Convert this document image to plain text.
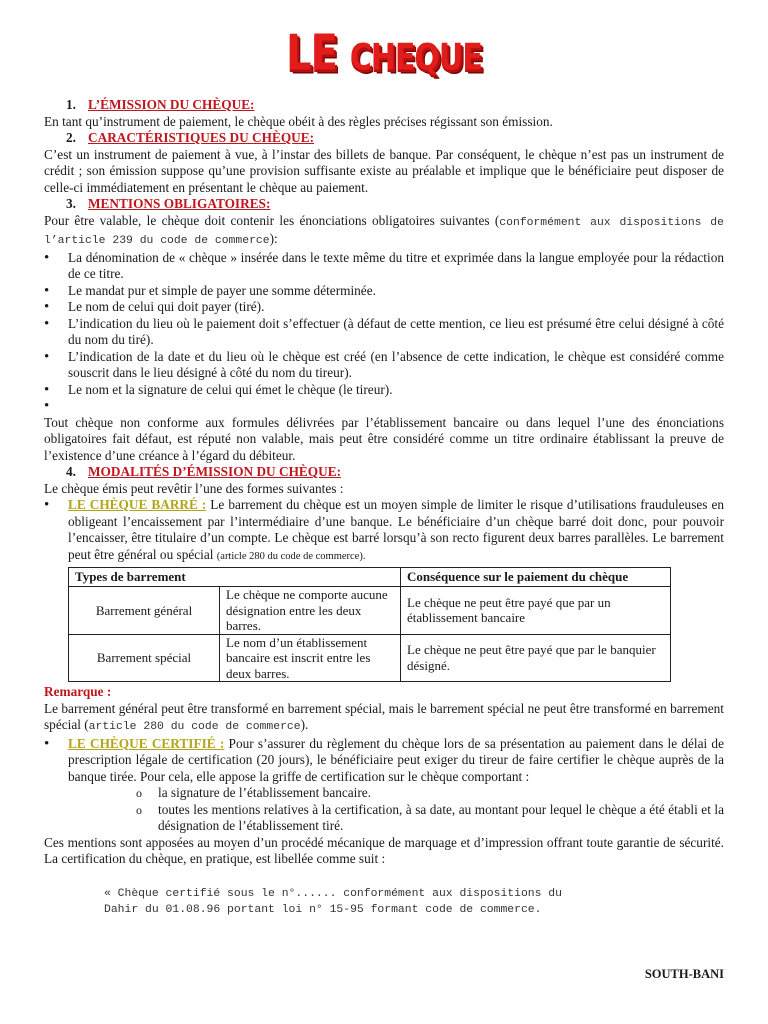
LE CHEQUE
1. L’ÉMISSION DU CHÈQUE:

En tant qu’instrument de paiement, le chèque obéit à des règles précises régissant son émission.

2. CARACTÉRISTIQUES DU CHÈQUE:

C’est un instrument de paiement à vue, à l’instar des billets de banque. Par conséquent, le chèque n’est pas un instrument de crédit ; son émission suppose qu’une provision suffisante existe au préalable et implique que le bénéficiaire peut disposer de celle-ci immédiatement en présentant le chèque au paiement.

3. MENTIONS OBLIGATOIRES:

Pour être valable, le chèque doit contenir les énonciations obligatoires suivantes (conformément aux dispositions de l’article 239 du code de commerce):

• La dénomination de « chèque » insérée dans le texte même du titre et exprimée dans la langue employée pour la rédaction de ce titre.
• Le mandat pur et simple de payer une somme déterminée.
• Le nom de celui qui doit payer (tiré).
• L’indication du lieu où le paiement doit s’effectuer (à défaut de cette mention, ce lieu est présumé être celui désigné à côté du nom du tiré).
• L’indication de la date et du lieu où le chèque est créé (en l’absence de cette indication, le chèque est considéré comme souscrit dans le lieu désigné à côté du nom du tireur).
• Le nom et la signature de celui qui émet le chèque (le tireur).
•

Tout chèque non conforme aux formules délivrées par l’établissement bancaire ou dans lequel l’une des énonciations obligatoires fait défaut, est réputé non valable, mais peut être considéré comme un titre ordinaire établissant la preuve de l’existence d’une créance à l’égard du débiteur.

4. MODALITÉS D’ÉMISSION DU CHÈQUE:

Le chèque émis peut revêtir l’une des formes suivantes :

• LE CHÈQUE BARRÉ : Le barrement du chèque est un moyen simple de limiter le risque d’utilisations frauduleuses en obligeant l’encaissement par l’intermédiaire d’une banque. Le bénéficiaire d’un chèque barré doit donc, pour pouvoir l’encaisser, être titulaire d’un compte. Le chèque est barré lorsqu’à son recto figurent deux barres parallèles. Le barrement peut être général ou spécial (article 280 du code de commerce).
Types de barrement		Conséquence sur le paiement du chèque
Barrement général	Le chèque ne comporte aucune désignation entre les deux barres.	Le chèque ne peut être payé que par un établissement bancaire
Barrement spécial	Le nom d’un établissement bancaire est inscrit entre les deux barres.	Le chèque ne peut être payé que par le banquier désigné.
Remarque :

Le barrement général peut être transformé en barrement spécial, mais le barrement spécial ne peut être transformé en barrement spécial (article 280 du code de commerce).

• LE CHÈQUE CERTIFIÉ : Pour s’assurer du règlement du chèque lors de sa présentation au paiement dans le délai de prescription légale de certification (20 jours), le bénéficiaire peut exiger du tireur de faire certifier le chèque auprès de la banque tirée. Pour cela, elle appose la griffe de certification sur le chèque comportant :
o la signature de l’établissement bancaire.
o toutes les mentions relatives à la certification, à sa date, au montant pour lequel le chèque a été établi et la désignation de l’établissement tiré.

Ces mentions sont apposées au moyen d’un procédé mécanique de marquage et d’impression offrant toute garantie de sécurité. La certification du chèque, en pratique, est libellée comme suit :

« Chèque certifié sous le n°...... conformément aux dispositions du
Dahir du 01.08.96 portant loi n° 15-95 formant code de commerce.
SOUTH-BANI
